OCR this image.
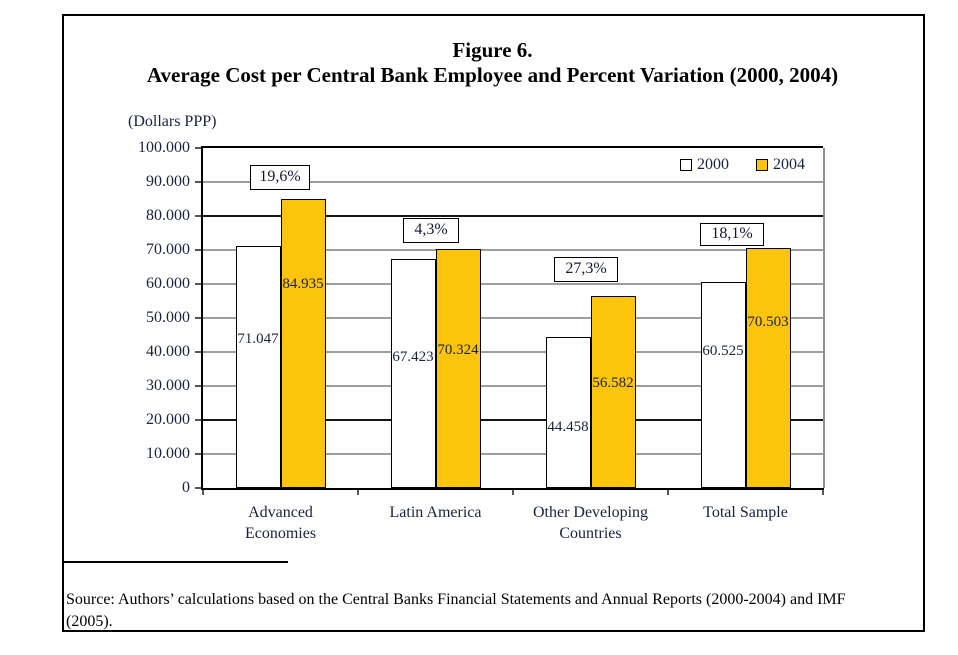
Figure 6.
Average Cost per Central Bank Employee and Percent Variation (2000, 2004)
(Dollars PPP)
100.000
90.000
80.000
70.000
60.000
50.000
40.000
30.000
20.000
10.000
0
71.047
84.935
19,6%
Advanced
Economies
67.423 70.324
4,3%
Latin America
44.458
56.582
27,3%
Other Developing
Countries
60.525
70.503
18,1%
Total Sample
2000	2004
Source: Authors’ calculations based on the Central Banks Financial Statements and Annual Reports (2000-2004) and IMF
(2005).
